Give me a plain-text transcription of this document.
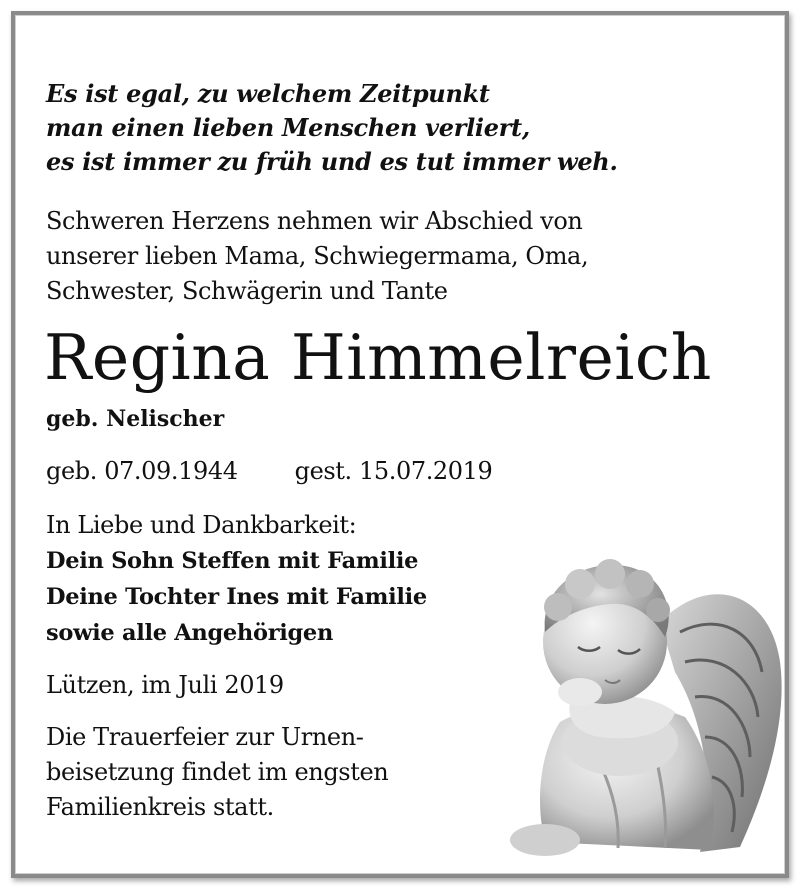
Es ist egal, zu welchem Zeitpunkt
man einen lieben Menschen verliert,
es ist immer zu früh und es tut immer weh.
Schweren Herzens nehmen wir Abschied von
unserer lieben Mama, Schwiegermama, Oma,
Schwester, Schwägerin und Tante
Regina Himmelreich
geb. Nelischer
geb. 07.09.1944 gest. 15.07.2019
In Liebe und Dankbarkeit:
Dein Sohn Steffen mit Familie
Deine Tochter Ines mit Familie
sowie alle Angehörigen
Lützen, im Juli 2019
Die Trauerfeier zur Urnen-
beisetzung findet im engsten
Familienkreis statt.
